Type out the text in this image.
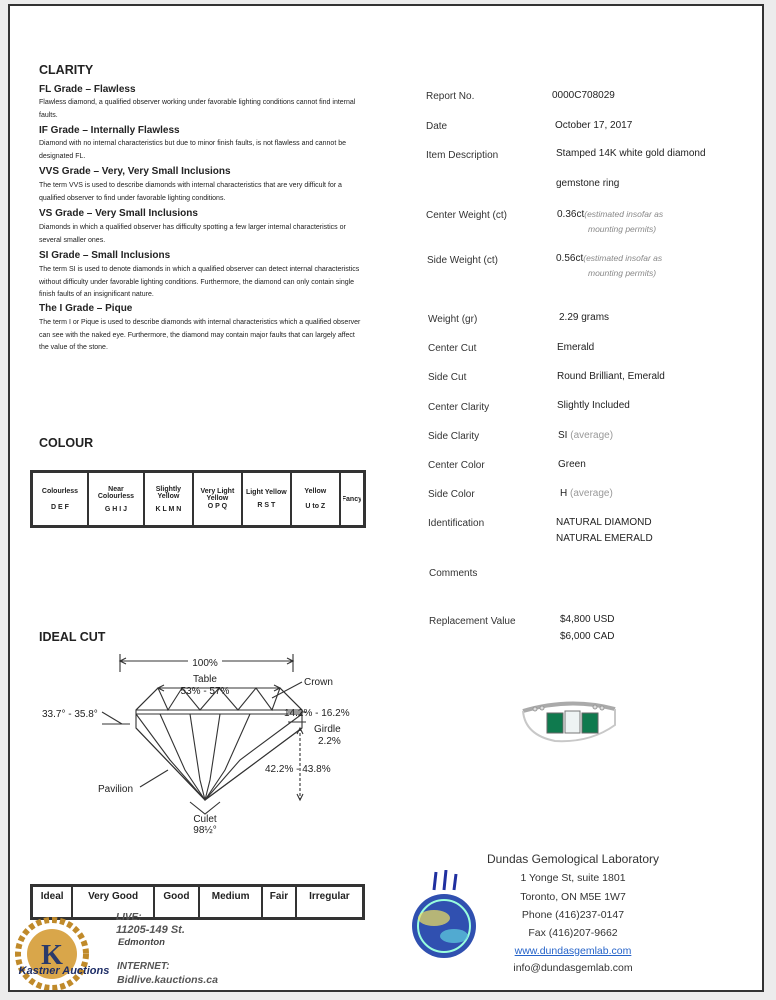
CLARITY
FL Grade – Flawless
Flawless diamond, a qualified observer working under favorable lighting conditions cannot find internal faults.
IF Grade – Internally Flawless
Diamond with no internal characteristics but due to minor finish faults, is not flawless and cannot be designated FL.
VVS Grade – Very, Very Small Inclusions
The term VVS is used to describe diamonds with internal characteristics that are very difficult for a qualified observer to find under favorable lighting conditions.
VS Grade – Very Small Inclusions
Diamonds in which a qualified observer has difficulty spotting a few larger internal characteristics or several smaller ones.
SI Grade – Small Inclusions
The term SI is used to denote diamonds in which a qualified observer can detect internal characteristics without difficulty under favorable lighting conditions. Furthermore, the diamond can only contain single finish faults of an insignificant nature.
The I Grade – Pique
The term I or Pique is used to describe diamonds with internal characteristics which a qualified observer can see with the naked eye. Furthermore, the diamond may contain major faults that can largely affect the value of the stone.
COLOUR
Colourless
D E F

Near Colourless
G H I J

Slightly Yellow
K L M N

Very Light Yellow
O P Q

Light Yellow
R S T

Yellow
U to Z

Fancy
IDEAL CUT
100%
Table
53% - 57%
Crown
33.7° - 35.8°	14.2% - 16.2%
Girdle
2.2%
42.2% - 43.8%
Pavilion
Culet
98½°
Ideal	Very Good	Good	Medium	Fair	Irregular
Report No.	0000C708029
Date	October 17, 2017
Item Description	Stamped 14K white gold diamond
gemstone ring
Center Weight (ct)	0.36ct(estimated insofar as
mounting permits)
Side Weight (ct)	0.56ct(estimated insofar as
mounting permits)
Weight (gr)	2.29 grams
Center Cut	Emerald
Side Cut	Round Brilliant, Emerald
Center Clarity	Slightly Included
Side Clarity	SI (average)
Center Color	Green
Side Color	H (average)
Identification	NATURAL DIAMOND
NATURAL EMERALD
Comments
Replacement Value	$4,800 USD
$6,000 CAD
Dundas Gemological Laboratory
1 Yonge St, suite 1801
Toronto, ON M5E 1W7
Phone (416)237-0147
Fax (416)207-9662
www.dundasgemlab.com
info@dundasgemlab.com
K
Kastner Auctions
LIVE:
11205-149 St.
Edmonton
INTERNET:
Bidlive.kauctions.ca
